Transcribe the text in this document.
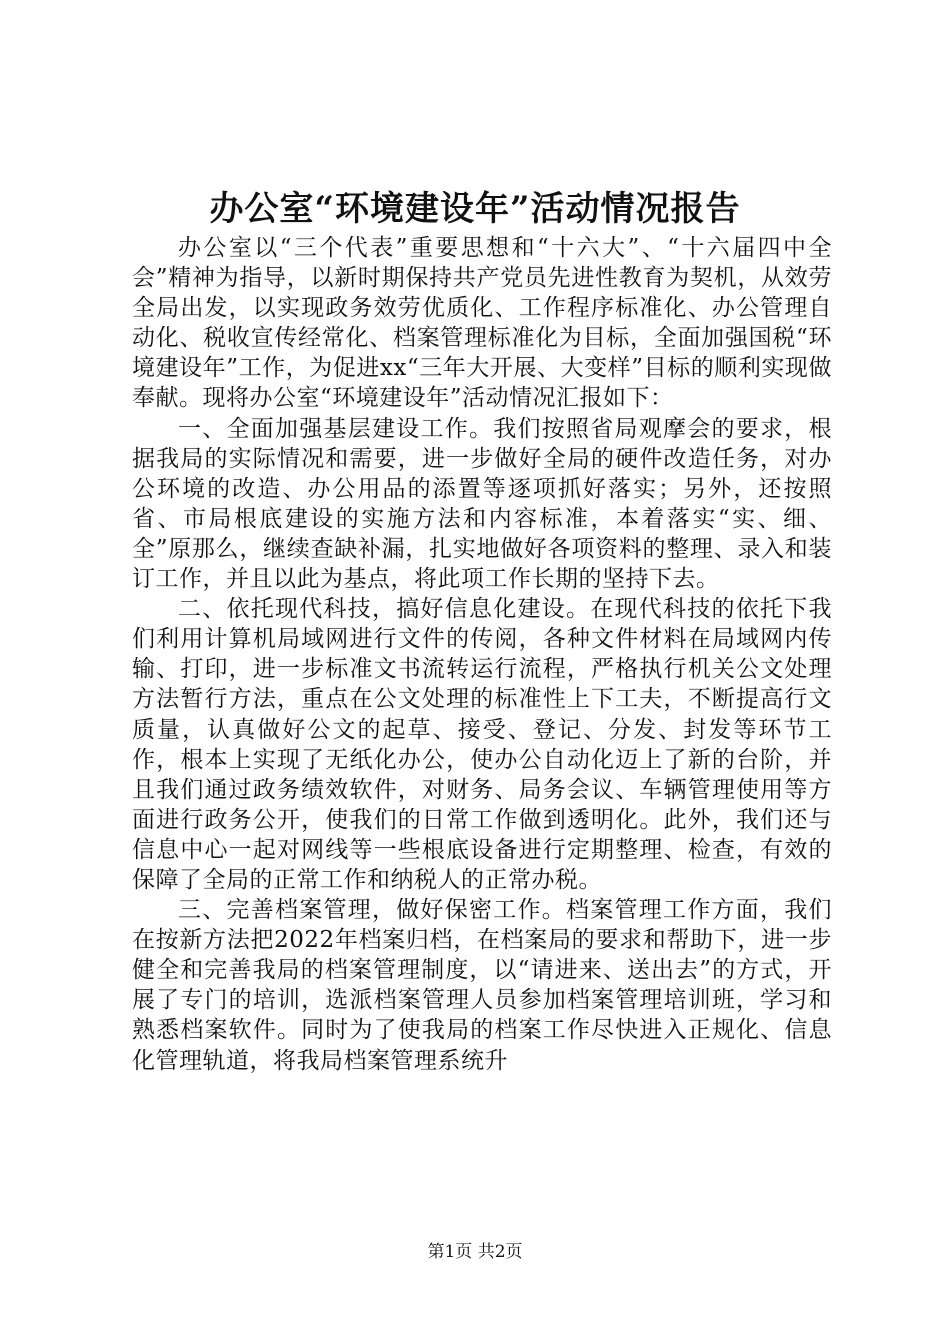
办公室“环境建设年”活动情况报告

办公室以“三个代表”重要思想和“十六大”、“十六届四中全会”精神为指导，以新时期保持共产党员先进性教育为契机，从效劳全局出发，以实现政务效劳优质化、工作程序标准化、办公管理自动化、税收宣传经常化、档案管理标准化为目标，全面加强国税“环境建设年”工作，为促进xx“三年大开展、大变样”目标的顺利实现做奉献。现将办公室“环境建设年”活动情况汇报如下：

一、全面加强基层建设工作。我们按照省局观摩会的要求，根据我局的实际情况和需要，进一步做好全局的硬件改造任务，对办公环境的改造、办公用品的添置等逐项抓好落实；另外，还按照省、市局根底建设的实施方法和内容标准，本着落实“实、细、全”原那么，继续查缺补漏，扎实地做好各项资料的整理、录入和装订工作，并且以此为基点，将此项工作长期的坚持下去。

二、依托现代科技，搞好信息化建设。在现代科技的依托下我们利用计算机局域网进行文件的传阅，各种文件材料在局域网内传输、打印，进一步标准文书流转运行流程，严格执行机关公文处理方法暂行方法，重点在公文处理的标准性上下工夫，不断提高行文质量，认真做好公文的起草、接受、登记、分发、封发等环节工作，根本上实现了无纸化办公，使办公自动化迈上了新的台阶，并且我们通过政务绩效软件，对财务、局务会议、车辆管理使用等方面进行政务公开，使我们的日常工作做到透明化。此外，我们还与信息中心一起对网线等一些根底设备进行定期整理、检查，有效的保障了全局的正常工作和纳税人的正常办税。

三、完善档案管理，做好保密工作。档案管理工作方面，我们在按新方法把2022年档案归档，在档案局的要求和帮助下，进一步健全和完善我局的档案管理制度，以“请进来、送出去”的方式，开展了专门的培训，选派档案管理人员参加档案管理培训班，学习和熟悉档案软件。同时为了使我局的档案工作尽快进入正规化、信息化管理轨道，将我局档案管理系统升

第1页 共2页
